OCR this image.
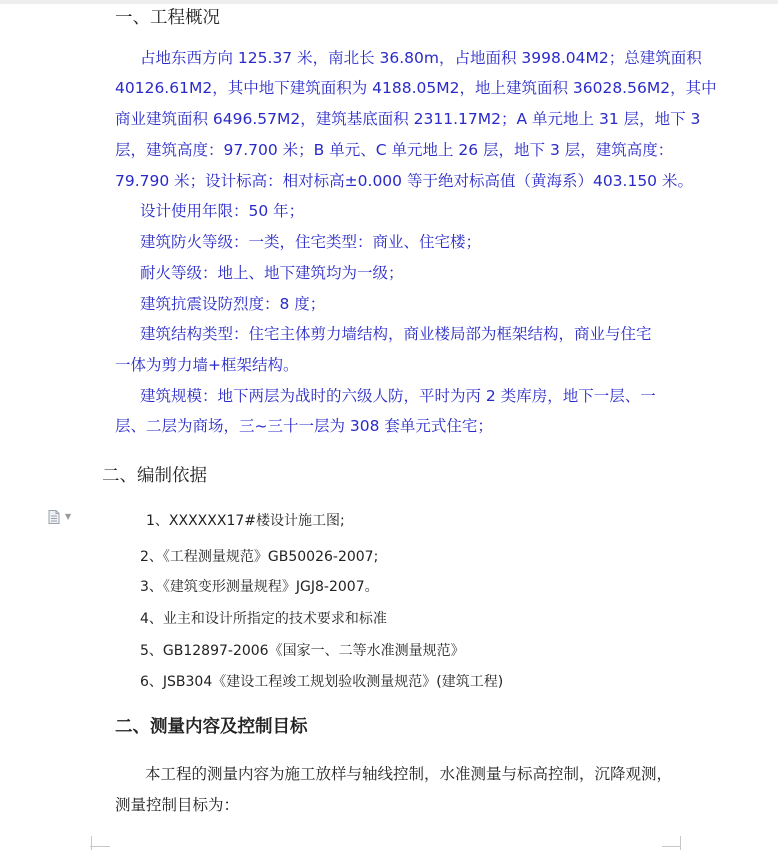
一、工程概况
占地东西方向 125.37 米，南北长 36.80m，占地面积 3998.04M2；总建筑面积
40126.61M2，其中地下建筑面积为 4188.05M2，地上建筑面积 36028.56M2，其中
商业建筑面积 6496.57M2，建筑基底面积 2311.17M2；A 单元地上 31 层，地下 3
层，建筑高度：97.700 米；B 单元、C 单元地上 26 层，地下 3 层，建筑高度：
79.790 米；设计标高：相对标高±0.000 等于绝对标高值（黄海系）403.150 米。
设计使用年限：50 年；
建筑防火等级：一类，住宅类型：商业、住宅楼；
耐火等级：地上、地下建筑均为一级；
建筑抗震设防烈度：8 度；
建筑结构类型：住宅主体剪力墙结构，商业楼局部为框架结构，商业与住宅
一体为剪力墙+框架结构。
建筑规模：地下两层为战时的六级人防，平时为丙 2 类库房，地下一层、一
层、二层为商场，三~三十一层为 308 套单元式住宅；
二、编制依据
▼	1、XXXXXX17#楼设计施工图;
2、《工程测量规范》GB50026-2007;
3、《建筑变形测量规程》JGJ8-2007。
4、业主和设计所指定的技术要求和标准
5、GB12897-2006《国家一、二等水准测量规范》
6、JSB304《建设工程竣工规划验收测量规范》(建筑工程)
二、测量内容及控制目标
本工程的测量内容为施工放样与轴线控制，水准测量与标高控制，沉降观测，
测量控制目标为：
